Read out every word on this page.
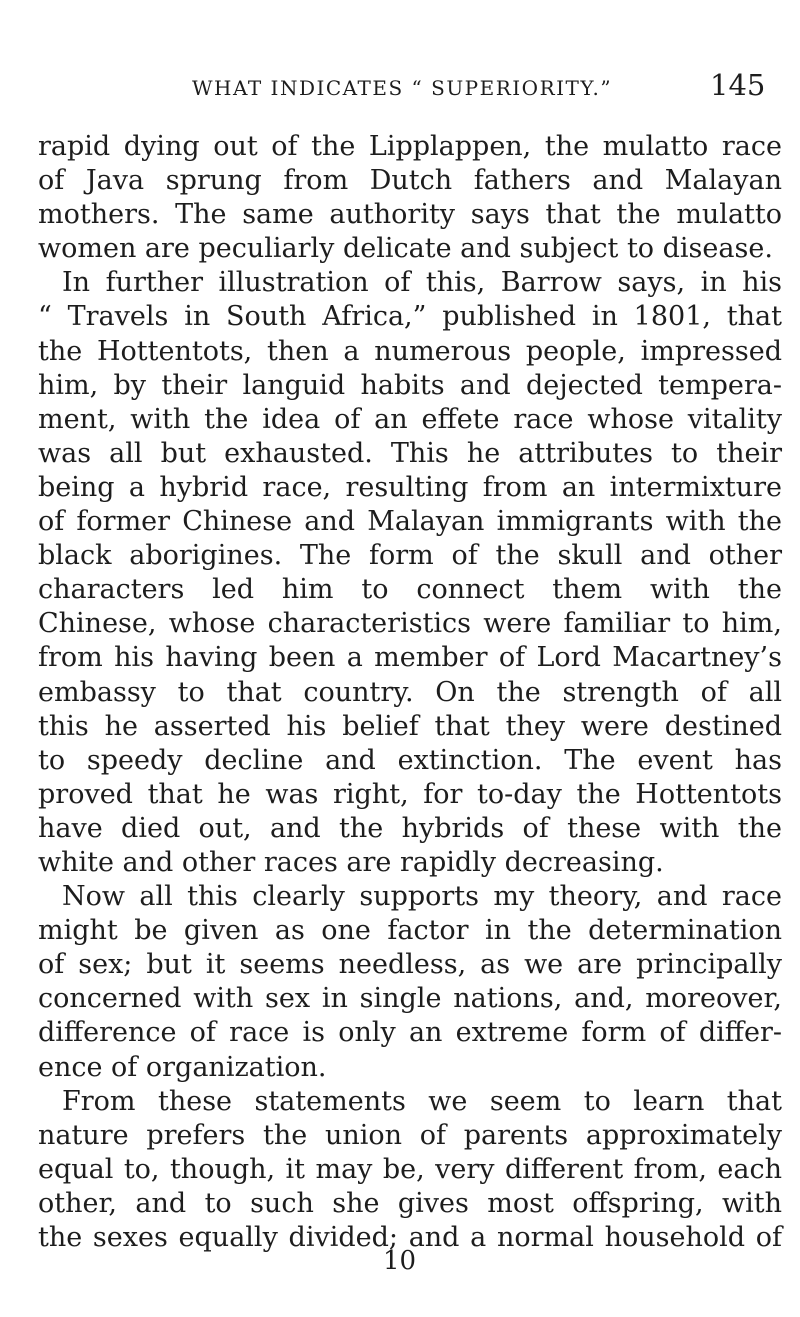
WHAT INDICATES “ SUPERIORITY.”	145
rapid dying out of the Lipplappen, the mulatto race
of Java sprung from Dutch fathers and Malayan
mothers. The same authority says that the mulatto
women are peculiarly delicate and subject to disease.
In further illustration of this, Barrow says, in his
“ Travels in South Africa,” published in 1801, that
the Hottentots, then a numerous people, impressed
him, by their languid habits and dejected tempera-
ment, with the idea of an effete race whose vitality
was all but exhausted. This he attributes to their
being a hybrid race, resulting from an intermixture
of former Chinese and Malayan immigrants with the
black aborigines. The form of the skull and other
characters led him to connect them with the
Chinese, whose characteristics were familiar to him,
from his having been a member of Lord Macartney’s
embassy to that country. On the strength of all
this he asserted his belief that they were destined
to speedy decline and extinction. The event has
proved that he was right, for to-day the Hottentots
have died out, and the hybrids of these with the
white and other races are rapidly decreasing.
Now all this clearly supports my theory, and race
might be given as one factor in the determination
of sex; but it seems needless, as we are principally
concerned with sex in single nations, and, moreover,
difference of race is only an extreme form of differ-
ence of organization.
From these statements we seem to learn that
nature prefers the union of parents approximately
equal to, though, it may be, very different from, each
other, and to such she gives most offspring, with
the sexes equally divided; and a normal household of
10
